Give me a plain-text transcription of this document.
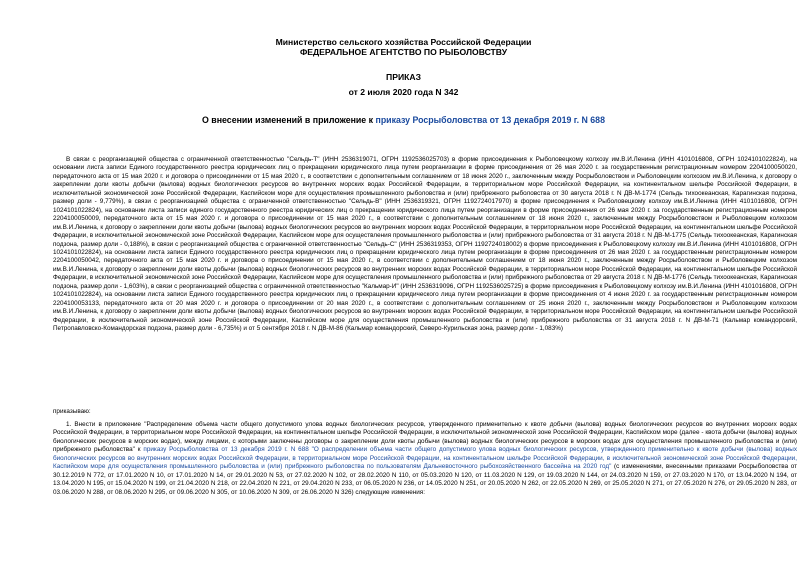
Министерство сельского хозяйства Российской Федерации
ФЕДЕРАЛЬНОЕ АГЕНТСТВО ПО РЫБОЛОВСТВУ
ПРИКАЗ
от 2 июля 2020 года N 342
О внесении изменений в приложение к приказу Росрыболовства от 13 декабря 2019 г. N 688
В связи с реорганизацией общества с ограниченной ответственностью "Сельдь-Т" (ИНН 2536319071, ОГРН 1192536025703) в форме присоединения к Рыболовецкому колхозу им.В.И.Ленина (ИНН 4101016808, ОГРН 1024101022824), на основании листа записи Единого государственного реестра юридических лиц о прекращении юридического лица путем реорганизации в форме присоединения от 26 мая 2020 г. за государственным регистрационным номером 2204100050020, передаточного акта от 15 мая 2020 г. и договора о присоединении от 15 мая 2020 г., в соответствии с дополнительным соглашением от 18 июня 2020 г., заключенным между Росрыболовством и Рыболовецким колхозом им.В.И.Ленина, к договору о закреплении доли квоты добычи (вылова) водных биологических ресурсов во внутренних морских водах Российской Федерации, в территориальном море Российской Федерации, на континентальном шельфе Российской Федерации, в исключительной экономической зоне Российской Федерации, Каспийском море для осуществления промышленного рыболовства и (или) прибрежного рыболовства от 30 августа 2018 г. N ДВ-М-1774 (Сельдь тихоокеанская, Карагинская подзона, размер доли - 9,779%), в связи с реорганизацией общества с ограниченной ответственностью "Сельдь-В" (ИНН 2536319321, ОГРН 1192724017970) в форме присоединения к Рыболовецкому колхозу им.В.И.Ленина (ИНН 4101016808, ОГРН 1024101022824), на основании листа записи единого государственного реестра юридических лиц о прекращении юридического лица путем реорганизации в форме присоединения от 26 мая 2020 г. за государственным регистрационным номером 2204100050009, передаточного акта от 15 мая 2020 г. и договора о присоединении от 15 мая 2020 г., в соответствии с дополнительным соглашением от 18 июня 2020 г., заключенным между Росрыболовством и Рыболовецким колхозом им.В.И.Ленина, к договору о закреплении доли квоты добычи (вылова) водных биологических ресурсов во внутренних морских водах Российской Федерации, в территориальном море Российской Федерации, на континентальном шельфе Российской Федерации, в исключительной экономической зоне Российской Федерации, Каспийском море для осуществления промышленного рыболовства и (или) прибрежного рыболовства от 31 августа 2018 г. N ДВ-М-1775 (Сельдь тихоокеанская, Карагинская подзона, размер доли - 0,188%), в связи с реорганизацией общества с ограниченной ответственностью "Сельдь-С" (ИНН 2536319353, ОГРН 1192724018002) в форме присоединения к Рыболовецкому колхозу им.В.И.Ленина (ИНН 4101016808, ОГРН 1024101022824), на основании листа записи Единого государственного реестра юридических лиц о прекращении юридического лица путем реорганизации в форме присоединения от 26 мая 2020 г. за государственным регистрационным номером 2204100050042, передаточного акта от 15 мая 2020 г. и договора о присоединении от 15 мая 2020 г., в соответствии с дополнительным соглашением от 18 июня 2020 г., заключенным между Росрыболовством и Рыболовецким колхозом им.В.И.Ленина, к договору о закреплении доли квоты добычи (вылова) водных биологических ресурсов во внутренних морских водах Российской Федерации, в территориальном море Российской Федерации, на континентальном шельфе Российской Федерации, в исключительной экономической зоне Российской Федерации, Каспийском море для осуществления промышленного рыболовства и (или) прибрежного рыболовства от 29 августа 2018 г. N ДВ-М-1776 (Сельдь тихоокеанская, Карагинская подзона, размер доли - 1,603%), в связи с реорганизацией общества с ограниченной ответственностью "Кальмар-И" (ИНН 2536319096, ОГРН 1192536025725) в форме присоединения к Рыболовецкому колхозу им.В.И.Ленина (ИНН 4101016808, ОГРН 1024101022824), на основании листа записи Единого государственного реестра юридических лиц о прекращении юридического лица путем реорганизации в форме присоединения от 4 июня 2020 г. за государственным регистрационным номером 2204100053133, передаточного акта от 20 мая 2020 г. и договора о присоединении от 20 мая 2020 г., в соответствии с дополнительным соглашением от 25 июня 2020 г., заключенным между Росрыболовством и Рыболовецким колхозом им.В.И.Ленина, к договору о закреплении доли квоты добычи (вылова) водных биологических ресурсов во внутренних морских водах Российской Федерации, в территориальном море Российской Федерации, на континентальном шельфе Российской Федерации, в исключительной экономической зоне Российской Федерации, Каспийском море для осуществления промышленного рыболовства и (или) прибрежного рыболовства от 31 августа 2018 г. N ДВ-М-71 (Кальмар командорский, Петропавловско-Командорская подзона, размер доли - 6,735%) и от 5 сентября 2018 г. N ДВ-М-86 (Кальмар командорский, Северо-Курильская зона, размер доли - 1,083%)
приказываю:
1. Внести в приложение "Распределение объема части общего допустимого улова водных биологических ресурсов, утвержденного применительно к квоте добычи (вылова) водных биологических ресурсов во внутренних морских водах Российской Федерации, в территориальном море Российской Федерации, на континентальном шельфе Российской Федерации, в исключительной экономической зоне Российской Федерации, Каспийском море (далее - квота добычи (вылова) водных биологических ресурсов в морских водах), между лицами, с которыми заключены договоры о закреплении доли квоты добычи (вылова) водных биологических ресурсов в морских водах для осуществления промышленного рыболовства и (или) прибрежного рыболовства" к приказу Росрыболовства от 13 декабря 2019 г. N 688 "О распределении объема части общего допустимого улова водных биологических ресурсов, утвержденного применительно к квоте добычи (вылова) водных биологических ресурсов во внутренних морских водах Российской Федерации, в территориальном море Российской Федерации, на континентальном шельфе Российской Федерации, в исключительной экономической зоне Российской Федерации, Каспийском море для осуществления промышленного рыболовства и (или) прибрежного рыболовства по пользователям Дальневосточного рыбохозяйственного бассейна на 2020 год" (с изменениями, внесенными приказами Росрыболовства от 30.12.2019 N 772, от 17.01.2020 N 10, от 17.01.2020 N 14, от 29.01.2020 N 53, от 27.02.2020 N 102, от 28.02.2020 N 110, от 05.03.2020 N 120, от 11.03.2020 N 129, от 19.03.2020 N 144, от 24.03.2020 N 159, от 27.03.2020 N 170, от 13.04.2020 N 194, от 13.04.2020 N 195, от 15.04.2020 N 199, от 21.04.2020 N 218, от 22.04.2020 N 221, от 29.04.2020 N 233, от 06.05.2020 N 236, от 14.05.2020 N 251, от 20.05.2020 N 262, от 22.05.2020 N 269, от 25.05.2020 N 271, от 27.05.2020 N 276, от 29.05.2020 N 283, от 03.06.2020 N 288, от 08.06.2020 N 295, от 09.06.2020 N 305, от 10.06.2020 N 309, от 26.06.2020 N 326) следующие изменения:
